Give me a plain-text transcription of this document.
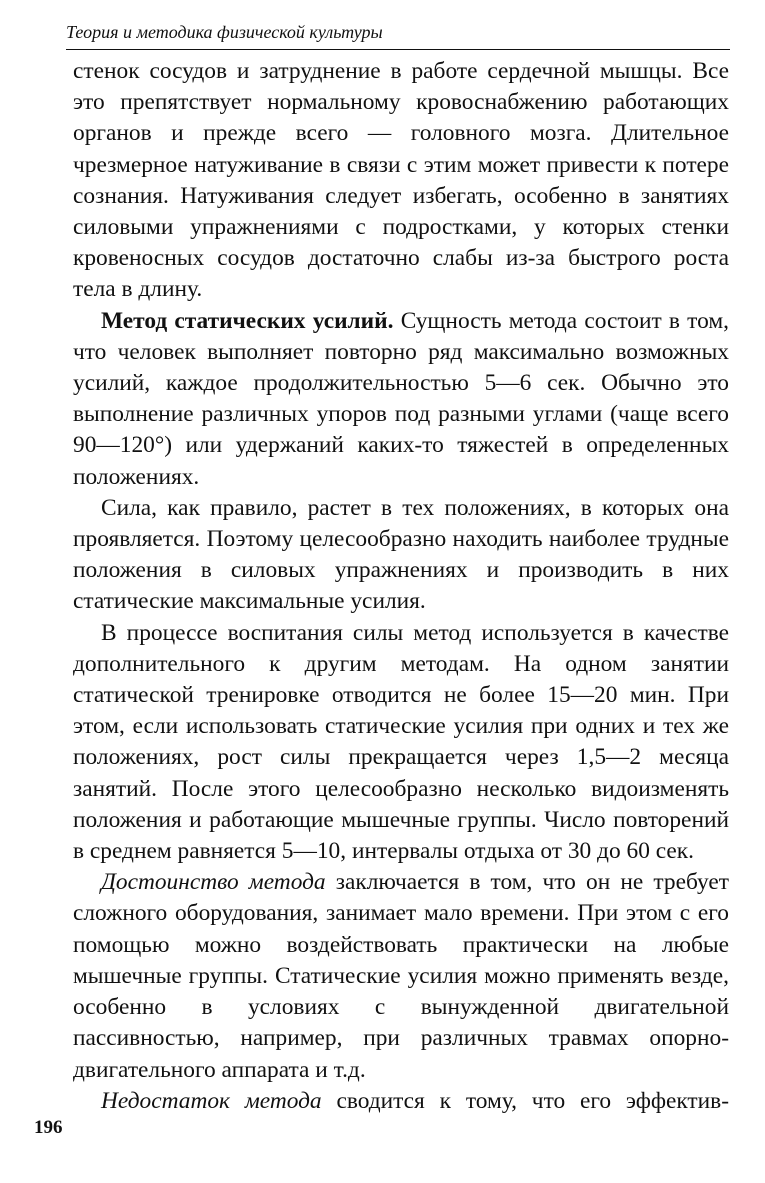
Теория и методика физической культуры

стенок сосудов и затруднение в работе сердечной мышцы. Все это препятствует нормальному кровоснабжению работающих органов и прежде всего — головного мозга. Длительное чрезмерное натуживание в связи с этим может привести к потере сознания. Натуживания следует избегать, особенно в занятиях силовыми упражнениями с подростками, у которых стенки кровеносных сосудов достаточно слабы из-за быстрого роста тела в длину.

Метод статических усилий. Сущность метода состоит в том, что человек выполняет повторно ряд максимально возможных усилий, каждое продолжительностью 5—6 сек. Обычно это выполнение различных упоров под разными углами (чаще всего 90—120°) или удержаний каких-то тяжестей в определенных положениях.

Сила, как правило, растет в тех положениях, в которых она проявляется. Поэтому целесообразно находить наиболее трудные положения в силовых упражнениях и производить в них статические максимальные усилия.

В процессе воспитания силы метод используется в качестве дополнительного к другим методам. На одном занятии статической тренировке отводится не более 15—20 мин. При этом, если использовать статические усилия при одних и тех же положениях, рост силы прекращается через 1,5—2 месяца занятий. После этого целесообразно несколько видоизменять положения и работающие мышечные группы. Число повторений в среднем равняется 5—10, интервалы отдыха от 30 до 60 сек.

Достоинство метода заключается в том, что он не требует сложного оборудования, занимает мало времени. При этом с его помощью можно воздействовать практически на любые мышечные группы. Статические усилия можно применять везде, особенно в условиях с вынужденной двигательной пассивностью, например, при различных травмах опорно-двигательного аппарата и т.д.

Недостаток метода сводится к тому, что его эффектив-

196
